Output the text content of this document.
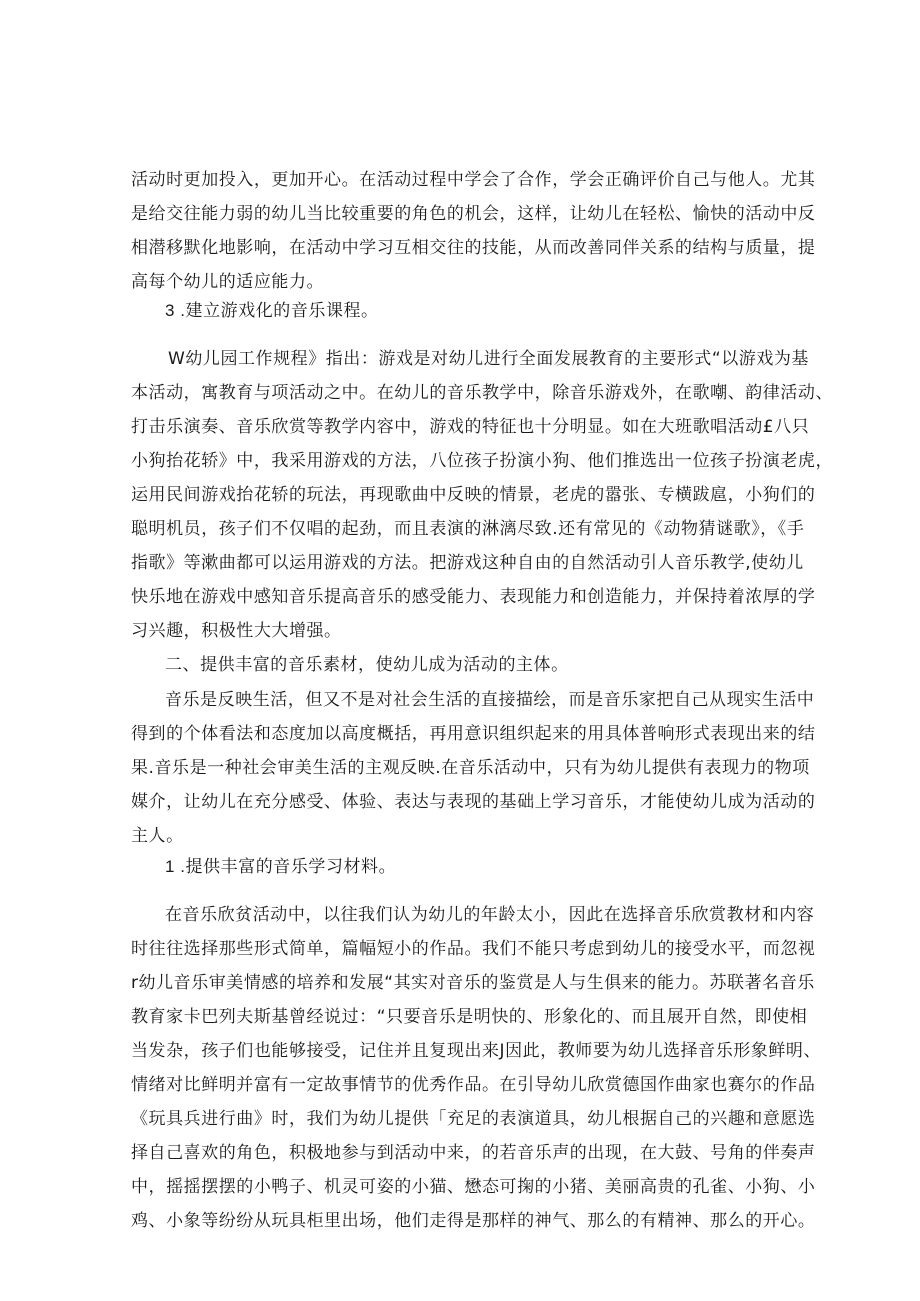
活动时更加投入，更加开心。在活动过程中学会了合作，学会正确评价自己与他人。尤其
是给交往能力弱的幼儿当比较重要的角色的机会，这样，让幼儿在轻松、愉快的活动中反
相潜移默化地影响，在活动中学习互相交往的技能，从而改善同伴关系的结构与质量，提
高每个幼儿的适应能力。
3 .建立游戏化的音乐课程。
W幼儿园工作规程》指出：游戏是对幼儿进行全面发展教育的主要形式“以游戏为基
本活动，寓教育与项活动之中。在幼儿的音乐教学中，除音乐游戏外，在歌嘲、韵律活动、
打击乐演奏、音乐欣赏等教学内容中，游戏的特征也十分明显。如在大班歌唱活动£八只
小狗抬花轿》中，我采用游戏的方法，八位孩子扮演小狗、他们推选出一位孩子扮演老虎，
运用民间游戏抬花轿的玩法，再现歌曲中反映的情景，老虎的嚣张、专横跋扈，小狗们的
聪明机员，孩子们不仅唱的起劲，而且表演的淋漓尽致.还有常见的《动物猜谜歌》，《手
指歌》等漱曲都可以运用游戏的方法。把游戏这种自由的自然活动引人音乐教学,使幼儿
快乐地在游戏中感知音乐提高音乐的感受能力、表现能力和创造能力，并保持着浓厚的学
习兴趣，积极性大大增强。
二、提供丰富的音乐素材，使幼儿成为活动的主体。
音乐是反映生活，但又不是对社会生活的直接描绘，而是音乐家把自己从现实生活中
得到的个体看法和态度加以高度概括，再用意识组织起来的用具体普响形式表现出来的结
果.音乐是一种社会审美生活的主观反映.在音乐活动中，只有为幼儿提供有表现力的物项
媒介，让幼儿在充分感受、体验、表达与表现的基础上学习音乐，才能使幼儿成为活动的
主人。
1 .提供丰富的音乐学习材料。
在音乐欣贫活动中，以往我们认为幼儿的年龄太小，因此在选择音乐欣赏教材和内容
时往往选择那些形式简单，篇幅短小的作品。我们不能只考虑到幼儿的接受水平，而忽视
r幼儿音乐审美情感的培养和发展“其实对音乐的鉴赏是人与生俱来的能力。苏联著名音乐
教育家卡巴列夫斯基曾经说过：“只要音乐是明快的、形象化的、而且展开自然，即使相
当发杂，孩子们也能够接受，记住并且复现出来J因此，教师要为幼儿选择音乐形象鲜明、
情绪对比鲜明并富有一定故事情节的优秀作品。在引导幼儿欣赏德国作曲家也赛尔的作品
《玩具兵进行曲》时，我们为幼儿提供「充足的表演道具，幼儿根据自己的兴趣和意愿选
择自己喜欢的角色，积极地参与到活动中来，的若音乐声的出现，在大鼓、号角的伴奏声
中，摇摇摆摆的小鸭子、机灵可姿的小猫、懋态可掬的小猪、美丽高贵的孔雀、小狗、小
鸡、小象等纷纷从玩具柜里出场，他们走得是那样的神气、那么的有精神、那么的开心。
